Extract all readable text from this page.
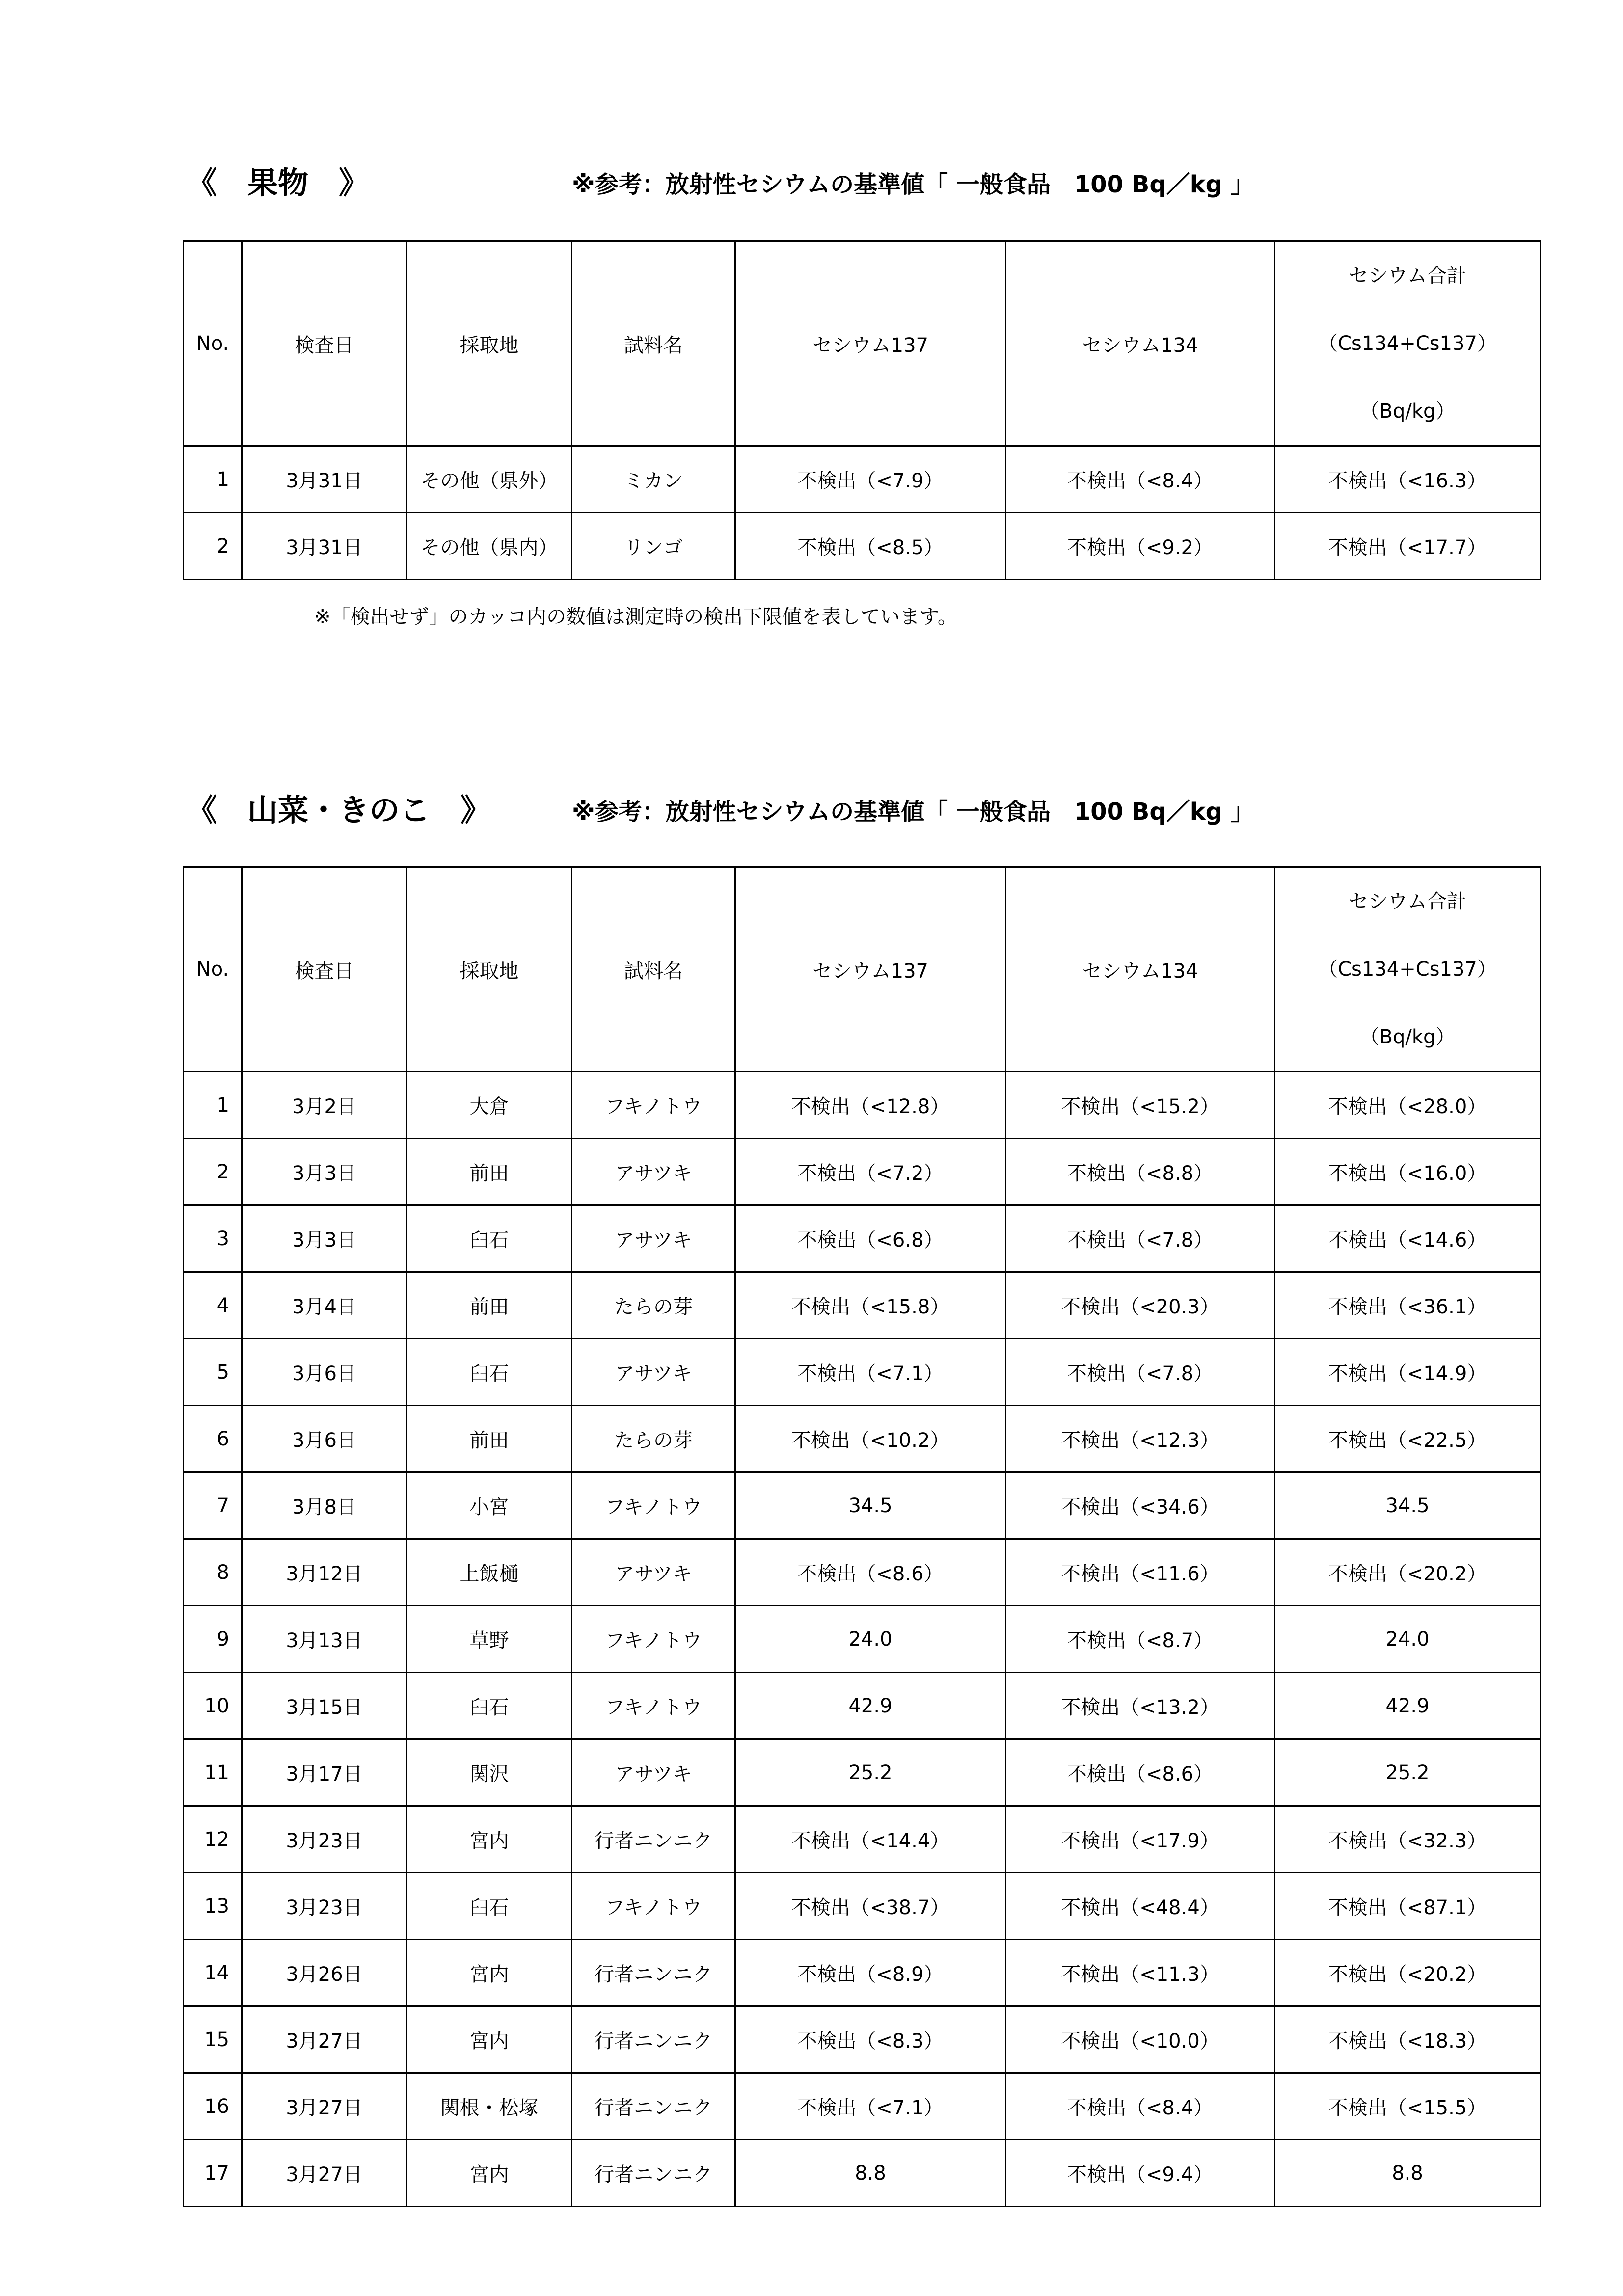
《　果物　》	※参考：放射性セシウムの基準値「 一般食品　100 Bq／kg 」
No.	検査日	採取地	試料名	セシウム137	セシウム134	セシウム合計
（Cs134+Cs137）
（Bq/kg）

1	3月31日	その他（県外）	ミカン	不検出（<7.9）	不検出（<8.4）	不検出（<16.3）
2	3月31日	その他（県内）	リンゴ	不検出（<8.5）	不検出（<9.2）	不検出（<17.7）
※「検出せず」のカッコ内の数値は測定時の検出下限値を表しています。
《　山菜・きのこ　》	※参考：放射性セシウムの基準値「 一般食品　100 Bq／kg 」
No.	検査日	採取地	試料名	セシウム137	セシウム134	セシウム合計
（Cs134+Cs137）
（Bq/kg）

1	3月2日	大倉	フキノトウ	不検出（<12.8）	不検出（<15.2）	不検出（<28.0）
2	3月3日	前田	アサツキ	不検出（<7.2）	不検出（<8.8）	不検出（<16.0）
3	3月3日	臼石	アサツキ	不検出（<6.8）	不検出（<7.8）	不検出（<14.6）
4	3月4日	前田	たらの芽	不検出（<15.8）	不検出（<20.3）	不検出（<36.1）
5	3月6日	臼石	アサツキ	不検出（<7.1）	不検出（<7.8）	不検出（<14.9）
6	3月6日	前田	たらの芽	不検出（<10.2）	不検出（<12.3）	不検出（<22.5）
7	3月8日	小宮	フキノトウ	34.5	不検出（<34.6）	34.5
8	3月12日	上飯樋	アサツキ	不検出（<8.6）	不検出（<11.6）	不検出（<20.2）
9	3月13日	草野	フキノトウ	24.0	不検出（<8.7）	24.0
10	3月15日	臼石	フキノトウ	42.9	不検出（<13.2）	42.9
11	3月17日	関沢	アサツキ	25.2	不検出（<8.6）	25.2
12	3月23日	宮内	行者ニンニク	不検出（<14.4）	不検出（<17.9）	不検出（<32.3）
13	3月23日	臼石	フキノトウ	不検出（<38.7）	不検出（<48.4）	不検出（<87.1）
14	3月26日	宮内	行者ニンニク	不検出（<8.9）	不検出（<11.3）	不検出（<20.2）
15	3月27日	宮内	行者ニンニク	不検出（<8.3）	不検出（<10.0）	不検出（<18.3）
16	3月27日	関根・松塚	行者ニンニク	不検出（<7.1）	不検出（<8.4）	不検出（<15.5）
17	3月27日	宮内	行者ニンニク	8.8	不検出（<9.4）	8.8
